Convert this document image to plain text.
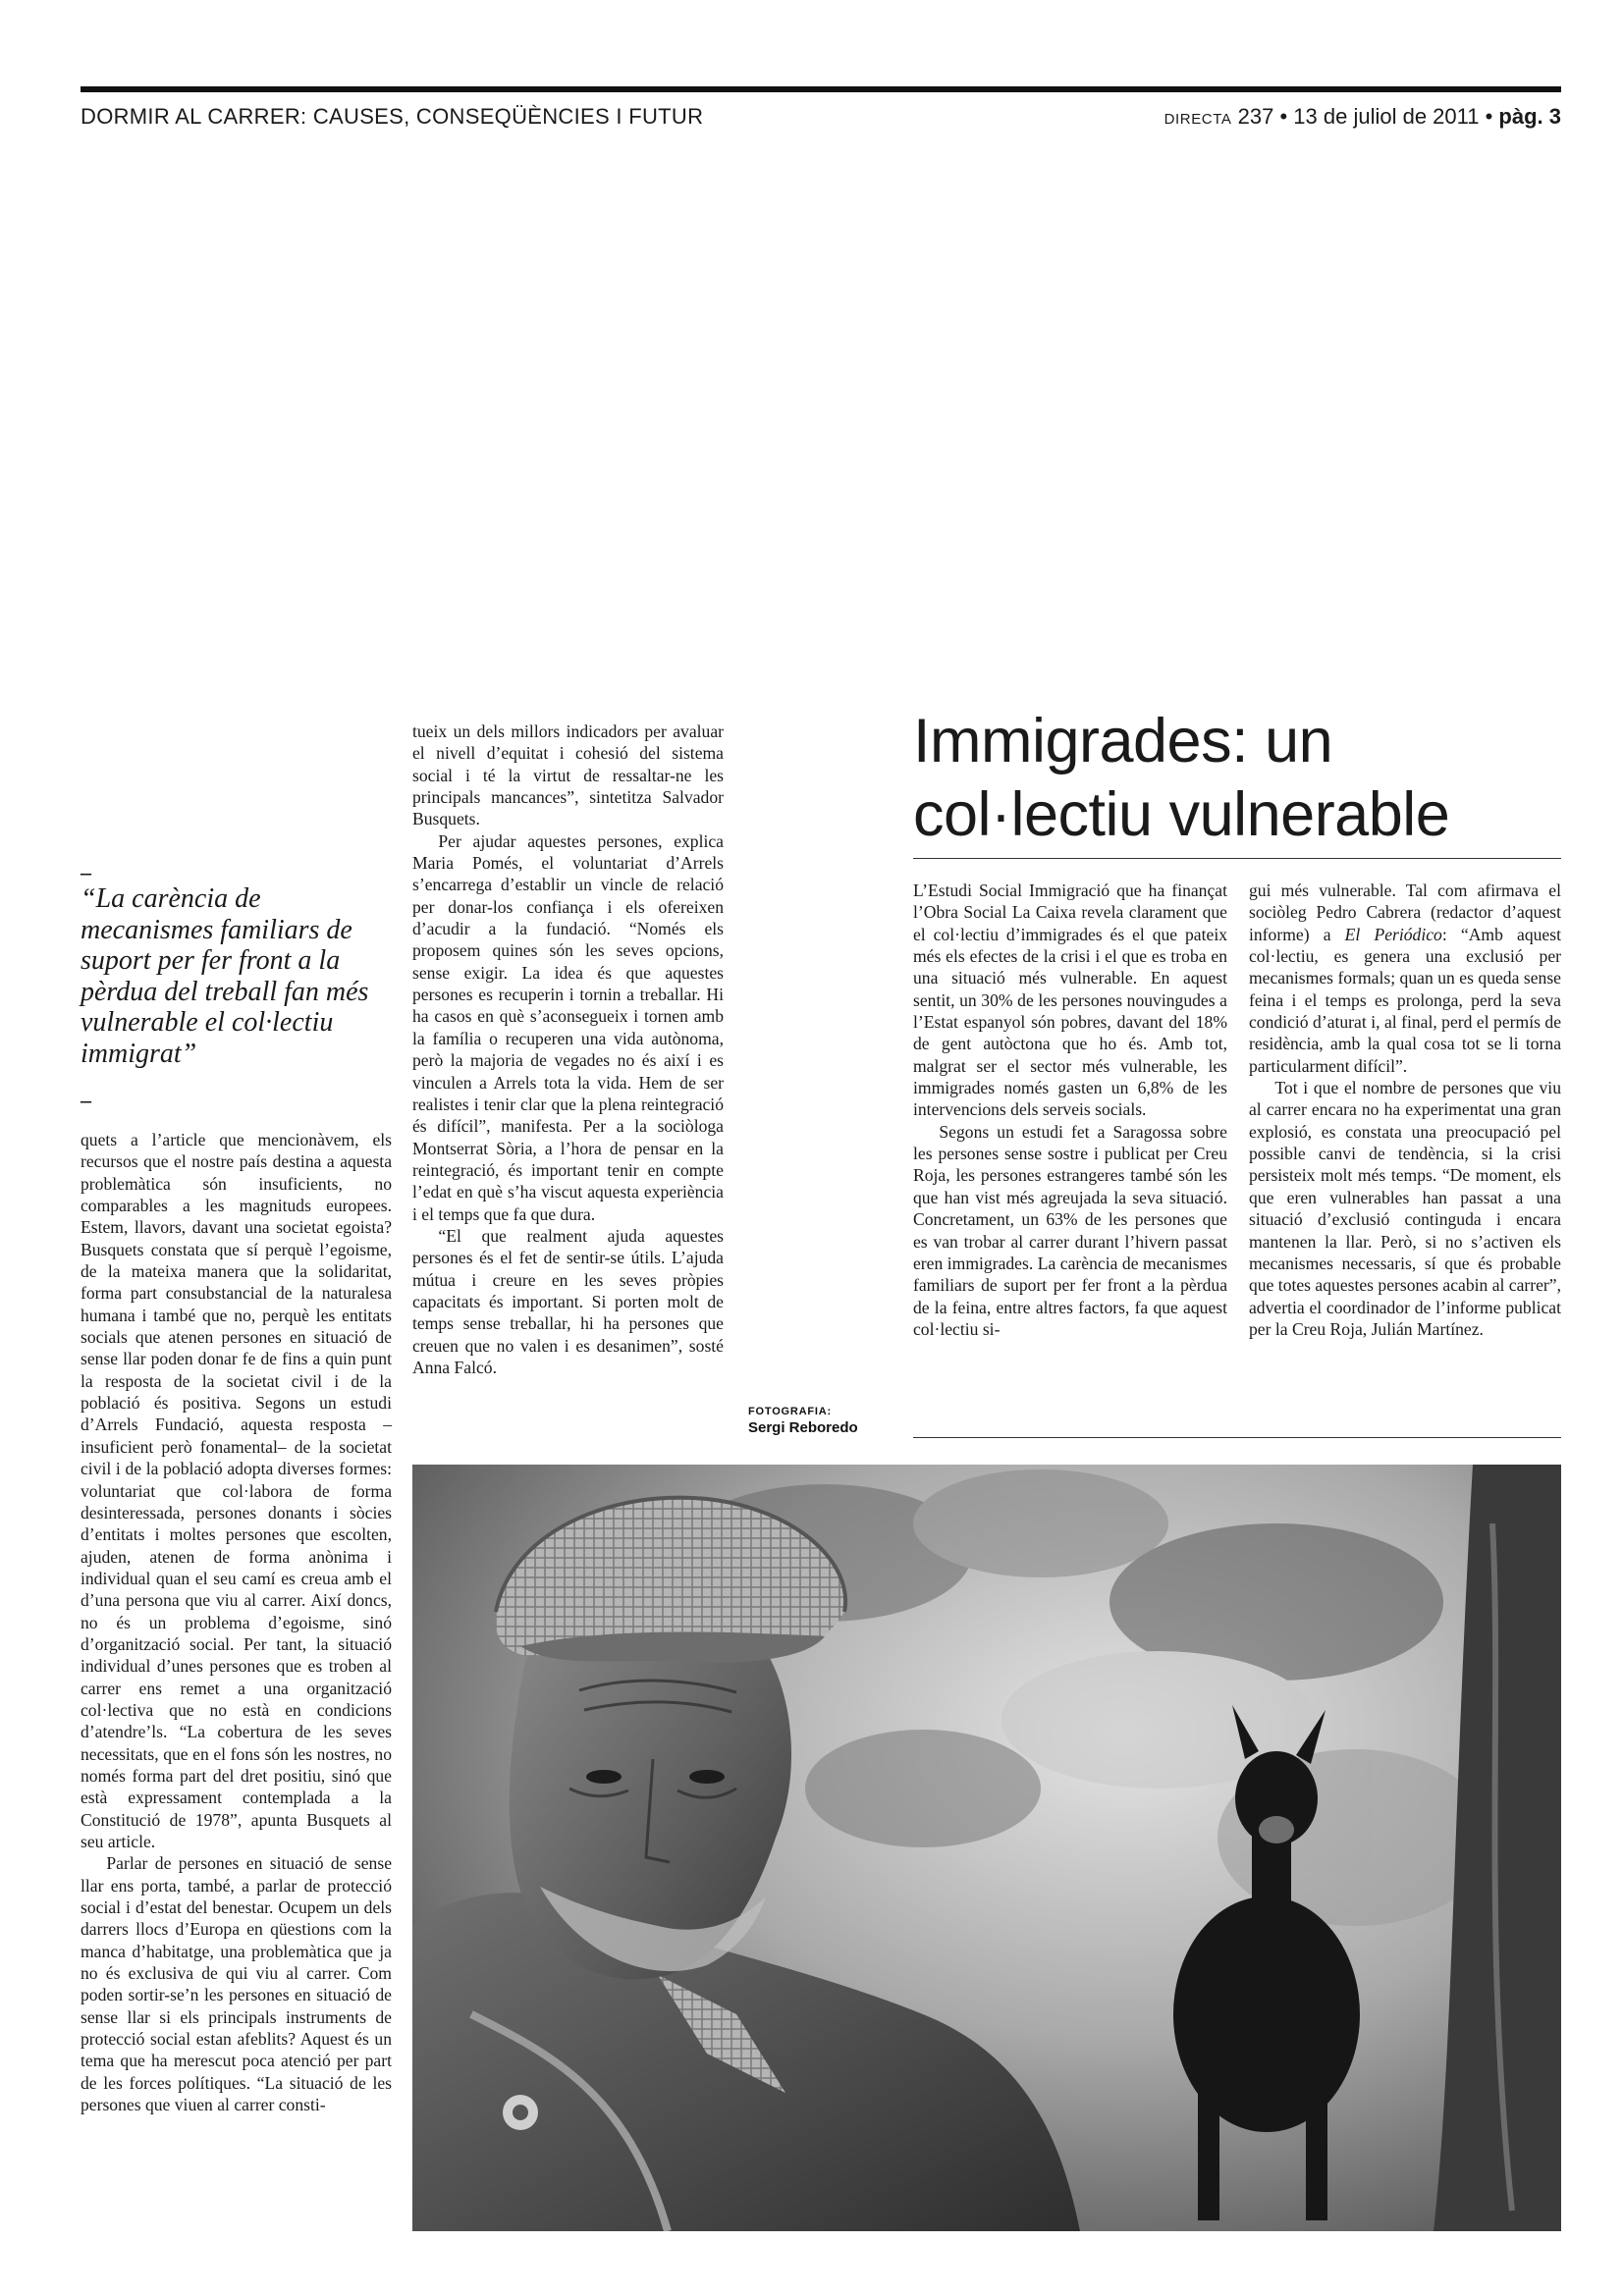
DORMIR AL CARRER: CAUSES, CONSEQÜÈNCIES I FUTUR	DIRECTA 237 • 13 de juliol de 2011 • pàg. 3
–
“La carència de mecanismes familiars de suport per fer front a la pèrdua del treball fan més vulnerable el col·lectiu immigrat”
–

quets a l’article que mencionàvem, els recursos que el nostre país destina a aquesta problemàtica són insuficients, no comparables a les magnituds europees. Estem, llavors, davant una societat egoista? Busquets constata que sí perquè l’egoisme, de la mateixa manera que la solidaritat, forma part consubstancial de la naturalesa humana i també que no, perquè les entitats socials que atenen persones en situació de sense llar poden donar fe de fins a quin punt la resposta de la societat civil i de la població és positiva. Segons un estudi d’Arrels Fundació, aquesta resposta –insuficient però fonamental– de la societat civil i de la població adopta diverses formes: voluntariat que col·labora de forma desinteressada, persones donants i sòcies d’entitats i moltes persones que escolten, ajuden, atenen de forma anònima i individual quan el seu camí es creua amb el d’una persona que viu al carrer. Així doncs, no és un problema d’egoisme, sinó d’organització social. Per tant, la situació individual d’unes persones que es troben al carrer ens remet a una organització col·lectiva que no està en condicions d’atendre’ls. “La cobertura de les seves necessitats, que en el fons són les nostres, no només forma part del dret positiu, sinó que està expressament contemplada a la Constitució de 1978”, apunta Busquets al seu article.

Parlar de persones en situació de sense llar ens porta, també, a parlar de protecció social i d’estat del benestar. Ocupem un dels darrers llocs d’Europa en qüestions com la manca d’habitatge, una problemàtica que ja no és exclusiva de qui viu al carrer. Com poden sortir-se’n les persones en situació de sense llar si els principals instruments de protecció social estan afeblits? Aquest és un tema que ha merescut poca atenció per part de les forces polítiques. “La situació de les persones que viuen al carrer consti-

tueix un dels millors indicadors per avaluar el nivell d’equitat i cohesió del sistema social i té la virtut de ressaltar-ne les principals mancances”, sintetitza Salvador Busquets.

Per ajudar aquestes persones, explica Maria Pomés, el voluntariat d’Arrels s’encarrega d’establir un vincle de relació per donar-los confiança i els ofereixen d’acudir a la fundació. “Només els proposem quines són les seves opcions, sense exigir. La idea és que aquestes persones es recuperin i tornin a treballar. Hi ha casos en què s’aconsegueix i tornen amb la família o recuperen una vida autònoma, però la majoria de vegades no és així i es vinculen a Arrels tota la vida. Hem de ser realistes i tenir clar que la plena reintegració és difícil”, manifesta. Per a la sociòloga Montserrat Sòria, a l’hora de pensar en la reintegració, és important tenir en compte l’edat en què s’ha viscut aquesta experiència i el temps que fa que dura.

“El que realment ajuda aquestes persones és el fet de sentir-se útils. L’ajuda mútua i creure en les seves pròpies capacitats és important. Si porten molt de temps sense treballar, hi ha persones que creuen que no valen i es desanimen”, sosté Anna Falcó.

Immigrades: un col·lectiu vulnerable

L’Estudi Social Immigració que ha finançat l’Obra Social La Caixa revela clarament que el col·lectiu d’immigrades és el que pateix més els efectes de la crisi i el que es troba en una situació més vulnerable. En aquest sentit, un 30% de les persones nouvingudes a l’Estat espanyol són pobres, davant del 18% de gent autòctona que ho és. Amb tot, malgrat ser el sector més vulnerable, les immigrades només gasten un 6,8% de les intervencions dels serveis socials.

Segons un estudi fet a Saragossa sobre les persones sense sostre i publicat per Creu Roja, les persones estrangeres també són les que han vist més agreujada la seva situació. Concretament, un 63% de les persones que es van trobar al carrer durant l’hivern passat eren immigrades. La carència de mecanismes familiars de suport per fer front a la pèrdua de la feina, entre altres factors, fa que aquest col·lectiu si-

gui més vulnerable. Tal com afirmava el sociòleg Pedro Cabrera (redactor d’aquest informe) a El Periódico: “Amb aquest col·lectiu, es genera una exclusió per mecanismes formals; quan un es queda sense feina i el temps es prolonga, perd la seva condició d’aturat i, al final, perd el permís de residència, amb la qual cosa tot se li torna particularment difícil”.

Tot i que el nombre de persones que viu al carrer encara no ha experimentat una gran explosió, es constata una preocupació pel possible canvi de tendència, si la crisi persisteix molt més temps. “De moment, els que eren vulnerables han passat a una situació d’exclusió continguda i encara mantenen la llar. Però, si no s’activen els mecanismes necessaris, sí que és probable que totes aquestes persones acabin al carrer”, advertia el coordinador de l’informe publicat per la Creu Roja, Julián Martínez.

FOTOGRAFIA:
Sergi Reboredo
